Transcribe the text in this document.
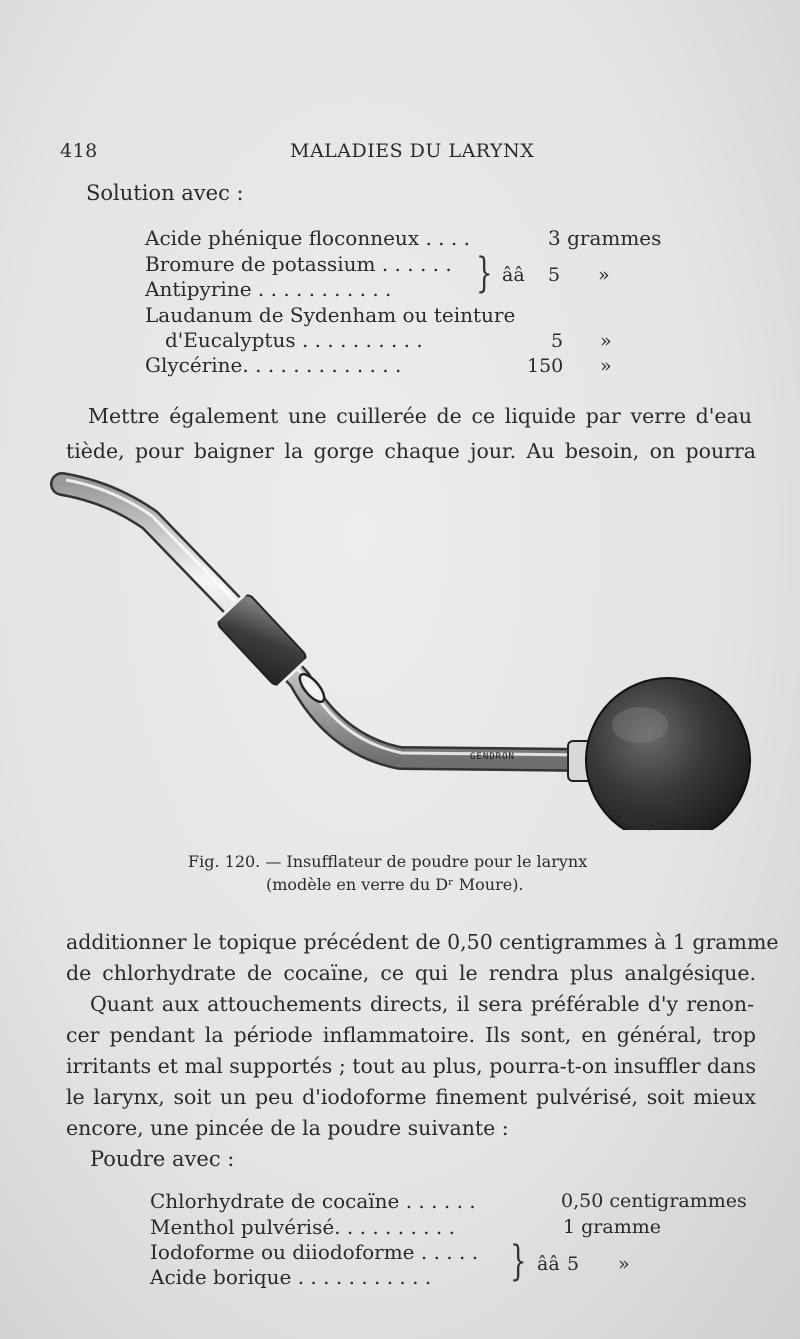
418	MALADIES DU LARYNX
Solution avec :
Acide phénique floconneux . . . .	3 grammes
Bromure de potassium . . . . . .
Antipyrine . . . . . . . . . . .	} ââ 5 »
Laudanum de Sydenham ou teinture
d'Eucalyptus . . . . . . . . . .	5 »
Glycérine. . . . . . . . . . . . .	150 »
Mettre également une cuillerée de ce liquide par verre d'eau
tiède, pour baigner la gorge chaque jour. Au besoin, on pourra
GENDRON
ROUX
Fig. 120. — Insufflateur de poudre pour le larynx
(modèle en verre du Dʳ Moure).
additionner le topique précédent de 0,50 centigrammes à 1 gramme
de chlorhydrate de cocaïne, ce qui le rendra plus analgésique.
Quant aux attouchements directs, il sera préférable d'y renon-
cer pendant la période inflammatoire. Ils sont, en général, trop
irritants et mal supportés ; tout au plus, pourra-t-on insuffler dans
le larynx, soit un peu d'iodoforme finement pulvérisé, soit mieux
encore, une pincée de la poudre suivante :
Poudre avec :
Chlorhydrate de cocaïne . . . . . .	0,50 centigrammes
Menthol pulvérisé. . . . . . . . . .	1 gramme
Iodoforme ou diiodoforme . . . . .
Acide borique . . . . . . . . . . .	} ââ 5 »
